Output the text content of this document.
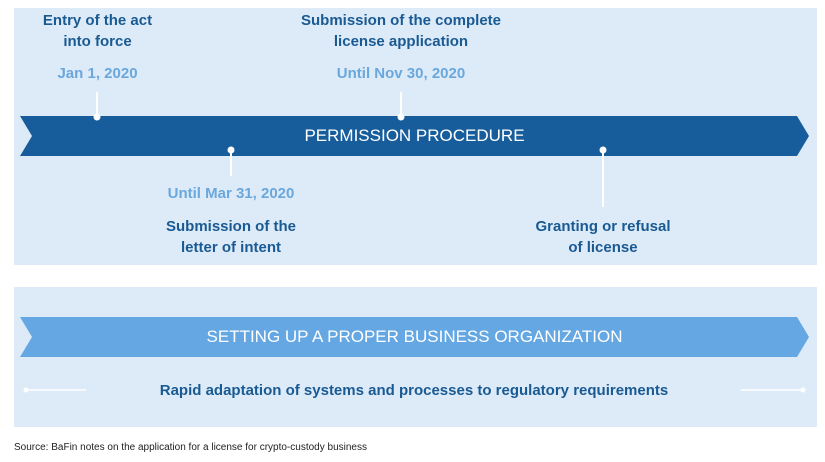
Entry of the act
into force
Jan 1, 2020
Submission of the complete
license application
Until Nov 30, 2020
Until Mar 31, 2020
Submission of the
letter of intent
Granting or refusal
of license
PERMISSION PROCEDURE
SETTING UP A PROPER BUSINESS ORGANIZATION
Rapid adaptation of systems and processes to regulatory requirements
Source: BaFin notes on the application for a license for crypto-custody business
